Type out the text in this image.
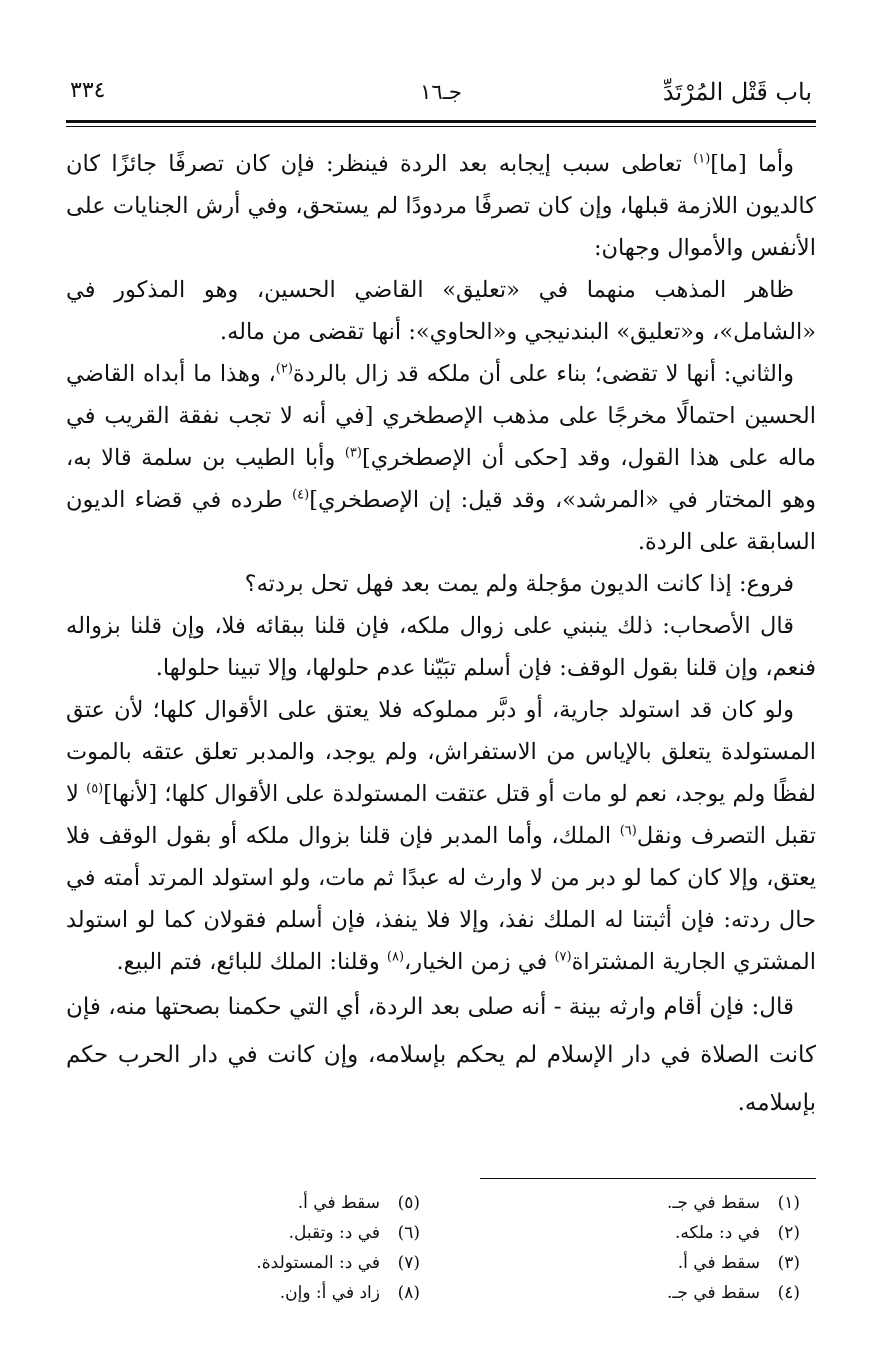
باب قَتْل المُرْتَدِّ
جـ١٦
٣٣٤

وأما [ما]$^{(١)}$ تعاطى سبب إيجابه بعد الردة فينظر: فإن كان تصرفًا جائزًا كان كالديون اللازمة قبلها، وإن كان تصرفًا مردودًا لم يستحق، وفي أرش الجنايات على الأنفس والأموال وجهان:

ظاهر المذهب منهما في «تعليق» القاضي الحسين، وهو المذكور في «الشامل»، و«تعليق» البندنيجي و«الحاوي»: أنها تقضى من ماله.

والثاني: أنها لا تقضى؛ بناء على أن ملكه قد زال بالردة$^{(٢)}$، وهذا ما أبداه القاضي الحسين احتمالًا مخرجًا على مذهب الإصطخري [في أنه لا تجب نفقة القريب في ماله على هذا القول، وقد [حكى أن الإصطخري]$^{(٣)}$ وأبا الطيب بن سلمة قالا به، وهو المختار في «المرشد»، وقد قيل: إن الإصطخري]$^{(٤)}$ طرده في قضاء الديون السابقة على الردة.

فروع: إذا كانت الديون مؤجلة ولم يمت بعد فهل تحل بردته؟

قال الأصحاب: ذلك ينبني على زوال ملكه، فإن قلنا ببقائه فلا، وإن قلنا بزواله فنعم، وإن قلنا بقول الوقف: فإن أسلم تبَيّنا عدم حلولها، وإلا تبينا حلولها.

ولو كان قد استولد جارية، أو دبَّر مملوكه فلا يعتق على الأقوال كلها؛ لأن عتق المستولدة يتعلق بالإياس من الاستفراش، ولم يوجد، والمدبر تعلق عتقه بالموت لفظًا ولم يوجد، نعم لو مات أو قتل عتقت المستولدة على الأقوال كلها؛ [لأنها]$^{(٥)}$ لا تقبل التصرف ونقل$^{(٦)}$ الملك، وأما المدبر فإن قلنا بزوال ملكه أو بقول الوقف فلا يعتق، وإلا كان كما لو دبر من لا وارث له عبدًا ثم مات، ولو استولد المرتد أمته في حال ردته: فإن أثبتنا له الملك نفذ، وإلا فلا ينفذ، فإن أسلم فقولان كما لو استولد المشتري الجارية المشتراة$^{(٧)}$ في زمن الخيار،$^{(٨)}$ وقلنا: الملك للبائع، فتم البيع.

قال: فإن أقام وارثه بينة - أنه صلى بعد الردة، أي التي حكمنا بصحتها منه، فإن كانت الصلاة في دار الإسلام لم يحكم بإسلامه، وإن كانت في دار الحرب حكم بإسلامه.

(١)سقط في جـ.
(٢)في د: ملكه.
(٣)سقط في أ.
(٤)سقط في جـ.
(٥)سقط في أ.
(٦)في د: وتقبل.
(٧)في د: المستولدة.
(٨)زاد في أ: وإن.
